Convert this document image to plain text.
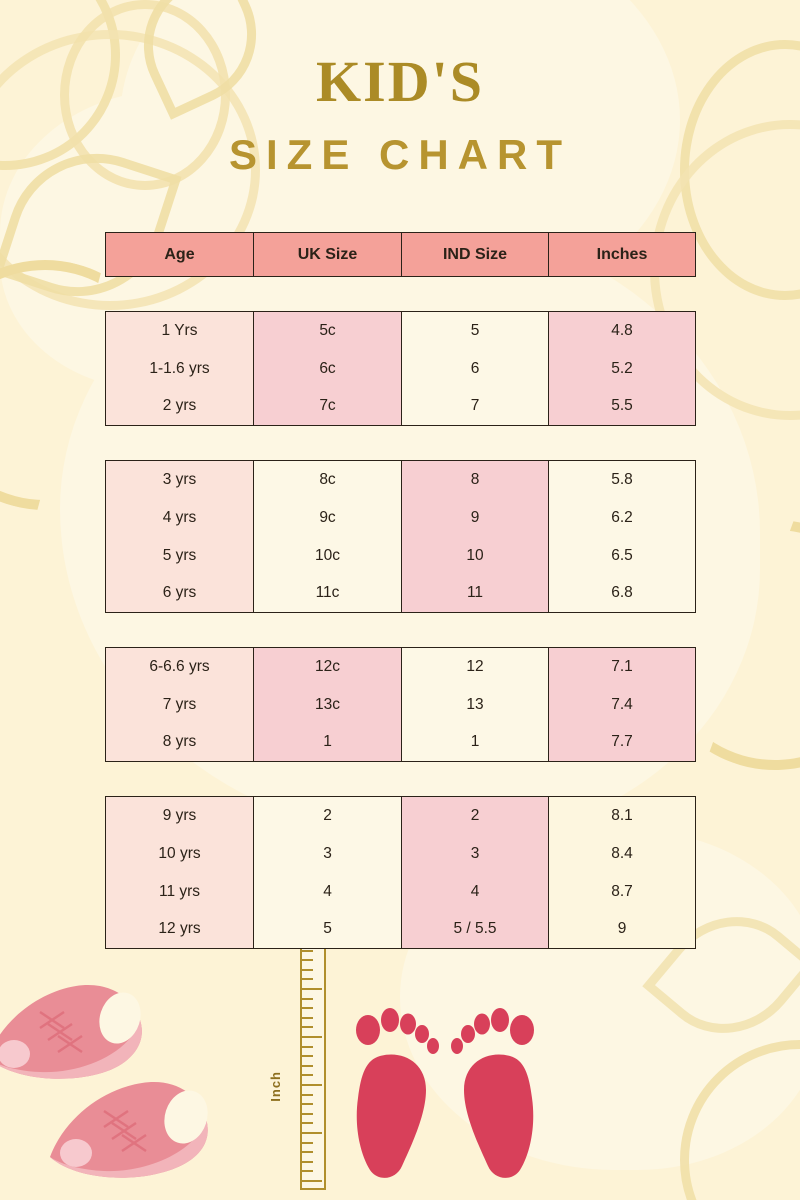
KID'S
SIZE CHART
Age	UK Size	IND Size	Inches
1 Yrs	5c	5	4.8
1-1.6 yrs	6c	6	5.2
2 yrs	7c	7	5.5
3 yrs	8c	8	5.8
4 yrs	9c	9	6.2
5 yrs	10c	10	6.5
6 yrs	11c	11	6.8
6-6.6 yrs	12c	12	7.1
7 yrs	13c	13	7.4
8 yrs	1	1	7.7
9 yrs	2	2	8.1
10 yrs	3	3	8.4
11 yrs	4	4	8.7
12 yrs	5	5 / 5.5	9
Inch
